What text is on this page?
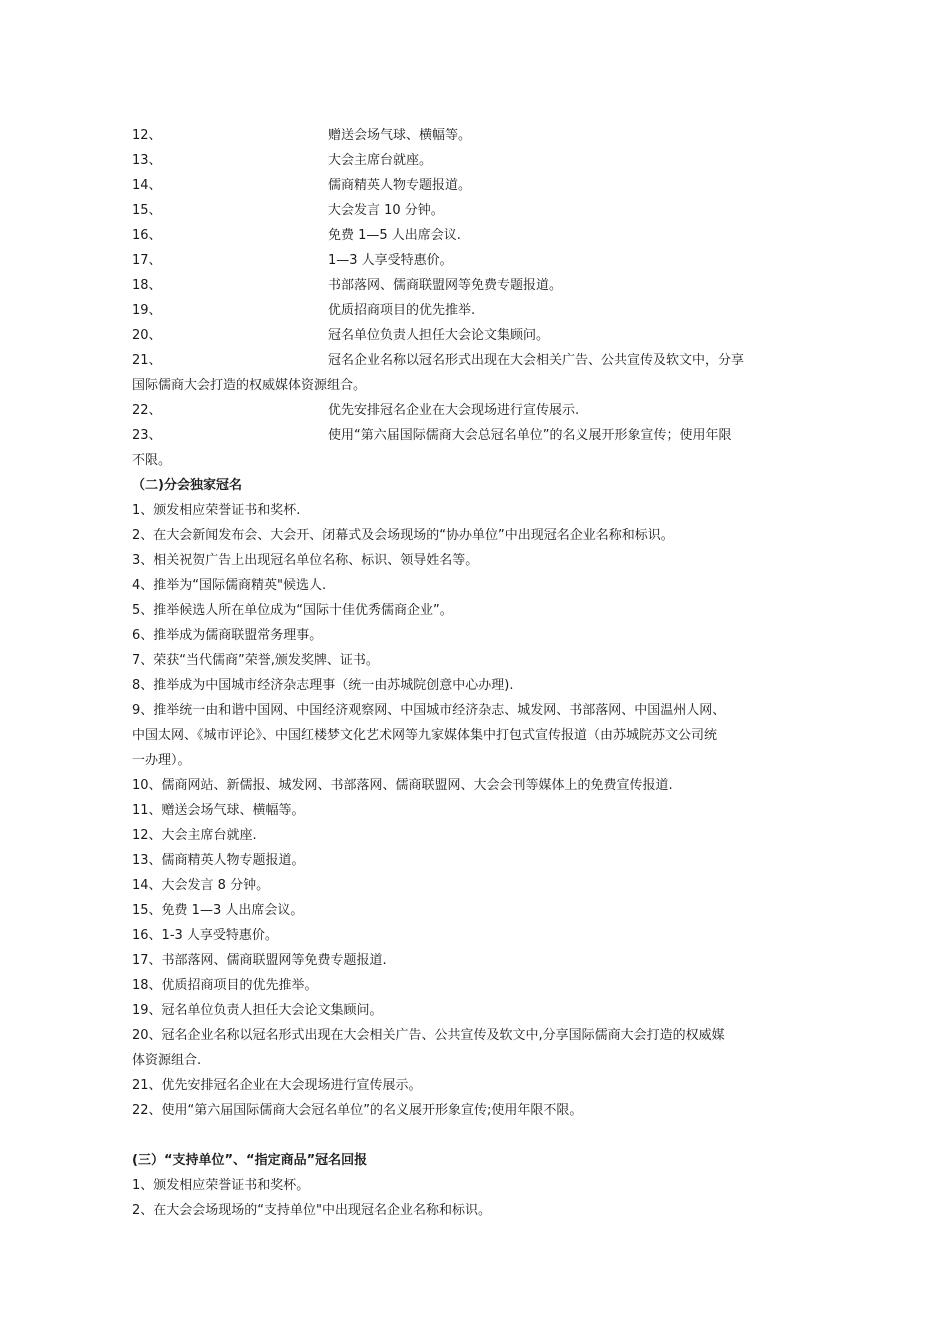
12、	赠送会场气球、横幅等。
13、	大会主席台就座。
14、	儒商精英人物专题报道。
15、	大会发言 10 分钟。
16、	免费 1—5 人出席会议.
17、	1—3 人享受特惠价。
18、	书部落网、儒商联盟网等免费专题报道。
19、	优质招商项目的优先推举.
20、	冠名单位负责人担任大会论文集顾问。
21、	冠名企业名称以冠名形式出现在大会相关广告、公共宣传及软文中，分享
国际儒商大会打造的权威媒体资源组合。
22、	优先安排冠名企业在大会现场进行宣传展示.
23、	使用“第六届国际儒商大会总冠名单位”的名义展开形象宣传；使用年限
不限。
（二)分会独家冠名
1、颁发相应荣誉证书和奖杯.
2、在大会新闻发布会、大会开、闭幕式及会场现场的“协办单位”中出现冠名企业名称和标识。
3、相关祝贺广告上出现冠名单位名称、标识、领导姓名等。
4、推举为“国际儒商精英"候选人.
5、推举候选人所在单位成为“国际十佳优秀儒商企业”。
6、推举成为儒商联盟常务理事。
7、荣获“当代儒商”荣誉,颁发奖牌、证书。
8、推举成为中国城市经济杂志理事（统一由苏城院创意中心办理).
9、推举统一由和谐中国网、中国经济观察网、中国城市经济杂志、城发网、书部落网、中国温州人网、
中国太网、《城市评论》、中国红楼梦文化艺术网等九家媒体集中打包式宣传报道（由苏城院苏文公司统
一办理）。
10、儒商网站、新儒报、城发网、书部落网、儒商联盟网、大会会刊等媒体上的免费宣传报道.
11、赠送会场气球、横幅等。
12、大会主席台就座.
13、儒商精英人物专题报道。
14、大会发言 8 分钟。
15、免费 1—3 人出席会议。
16、1-3 人享受特惠价。
17、书部落网、儒商联盟网等免费专题报道.
18、优质招商项目的优先推举。
19、冠名单位负责人担任大会论文集顾问。
20、冠名企业名称以冠名形式出现在大会相关广告、公共宣传及软文中,分享国际儒商大会打造的权威媒
体资源组合.
21、优先安排冠名企业在大会现场进行宣传展示。
22、使用“第六届国际儒商大会冠名单位”的名义展开形象宣传;使用年限不限。
(三）“支持单位”、“指定商品”冠名回报
1、颁发相应荣誉证书和奖杯。
2、在大会会场现场的“支持单位"中出现冠名企业名称和标识。
